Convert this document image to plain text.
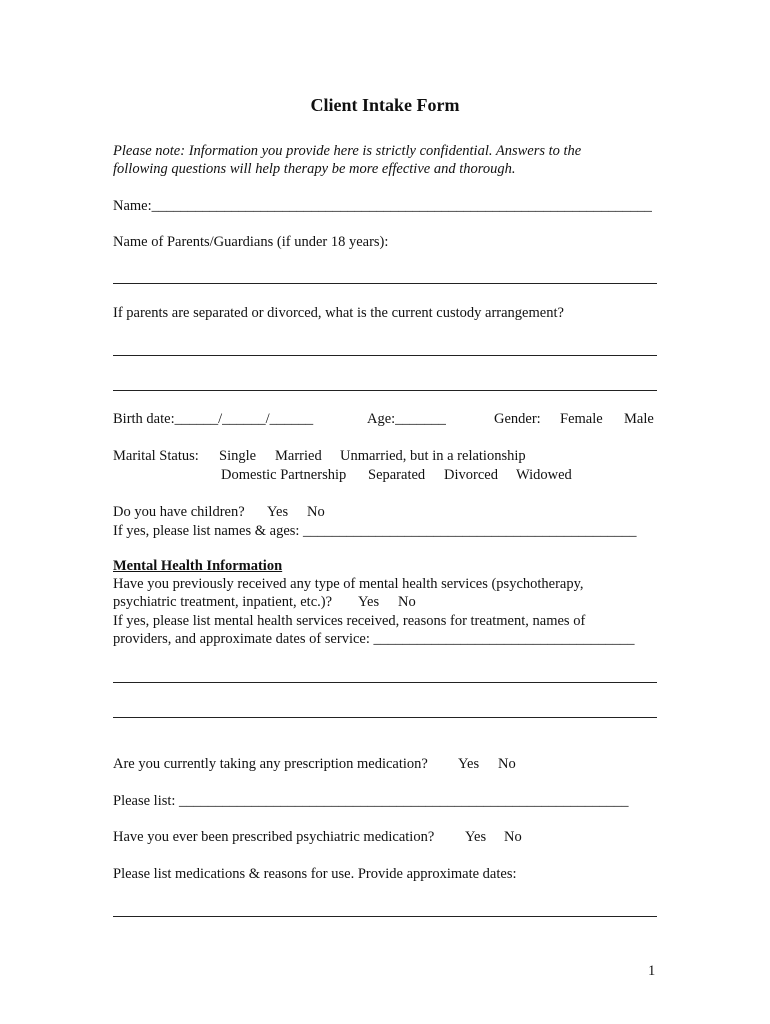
Client Intake Form
Please note: Information you provide here is strictly confidential. Answers to the
following questions will help therapy be more effective and thorough.
Name:_____________________________________________________________________
Name of Parents/Guardians (if under 18 years):
If parents are separated or divorced, what is the current custody arrangement?
Birth date:______/______/______	Age:_______	Gender: Female Male
Marital Status: Single Married Unmarried, but in a relationship
Domestic Partnership Separated Divorced Widowed
Do you have children? Yes No
If yes, please list names & ages: ______________________________________________
Mental Health Information
Have you previously received any type of mental health services (psychotherapy,
psychiatric treatment, inpatient, etc.)? Yes No
If yes, please list mental health services received, reasons for treatment, names of
providers, and approximate dates of service: ____________________________________
Are you currently taking any prescription medication? Yes No
Please list: ______________________________________________________________
Have you ever been prescribed psychiatric medication? Yes No
Please list medications & reasons for use. Provide approximate dates:
1
